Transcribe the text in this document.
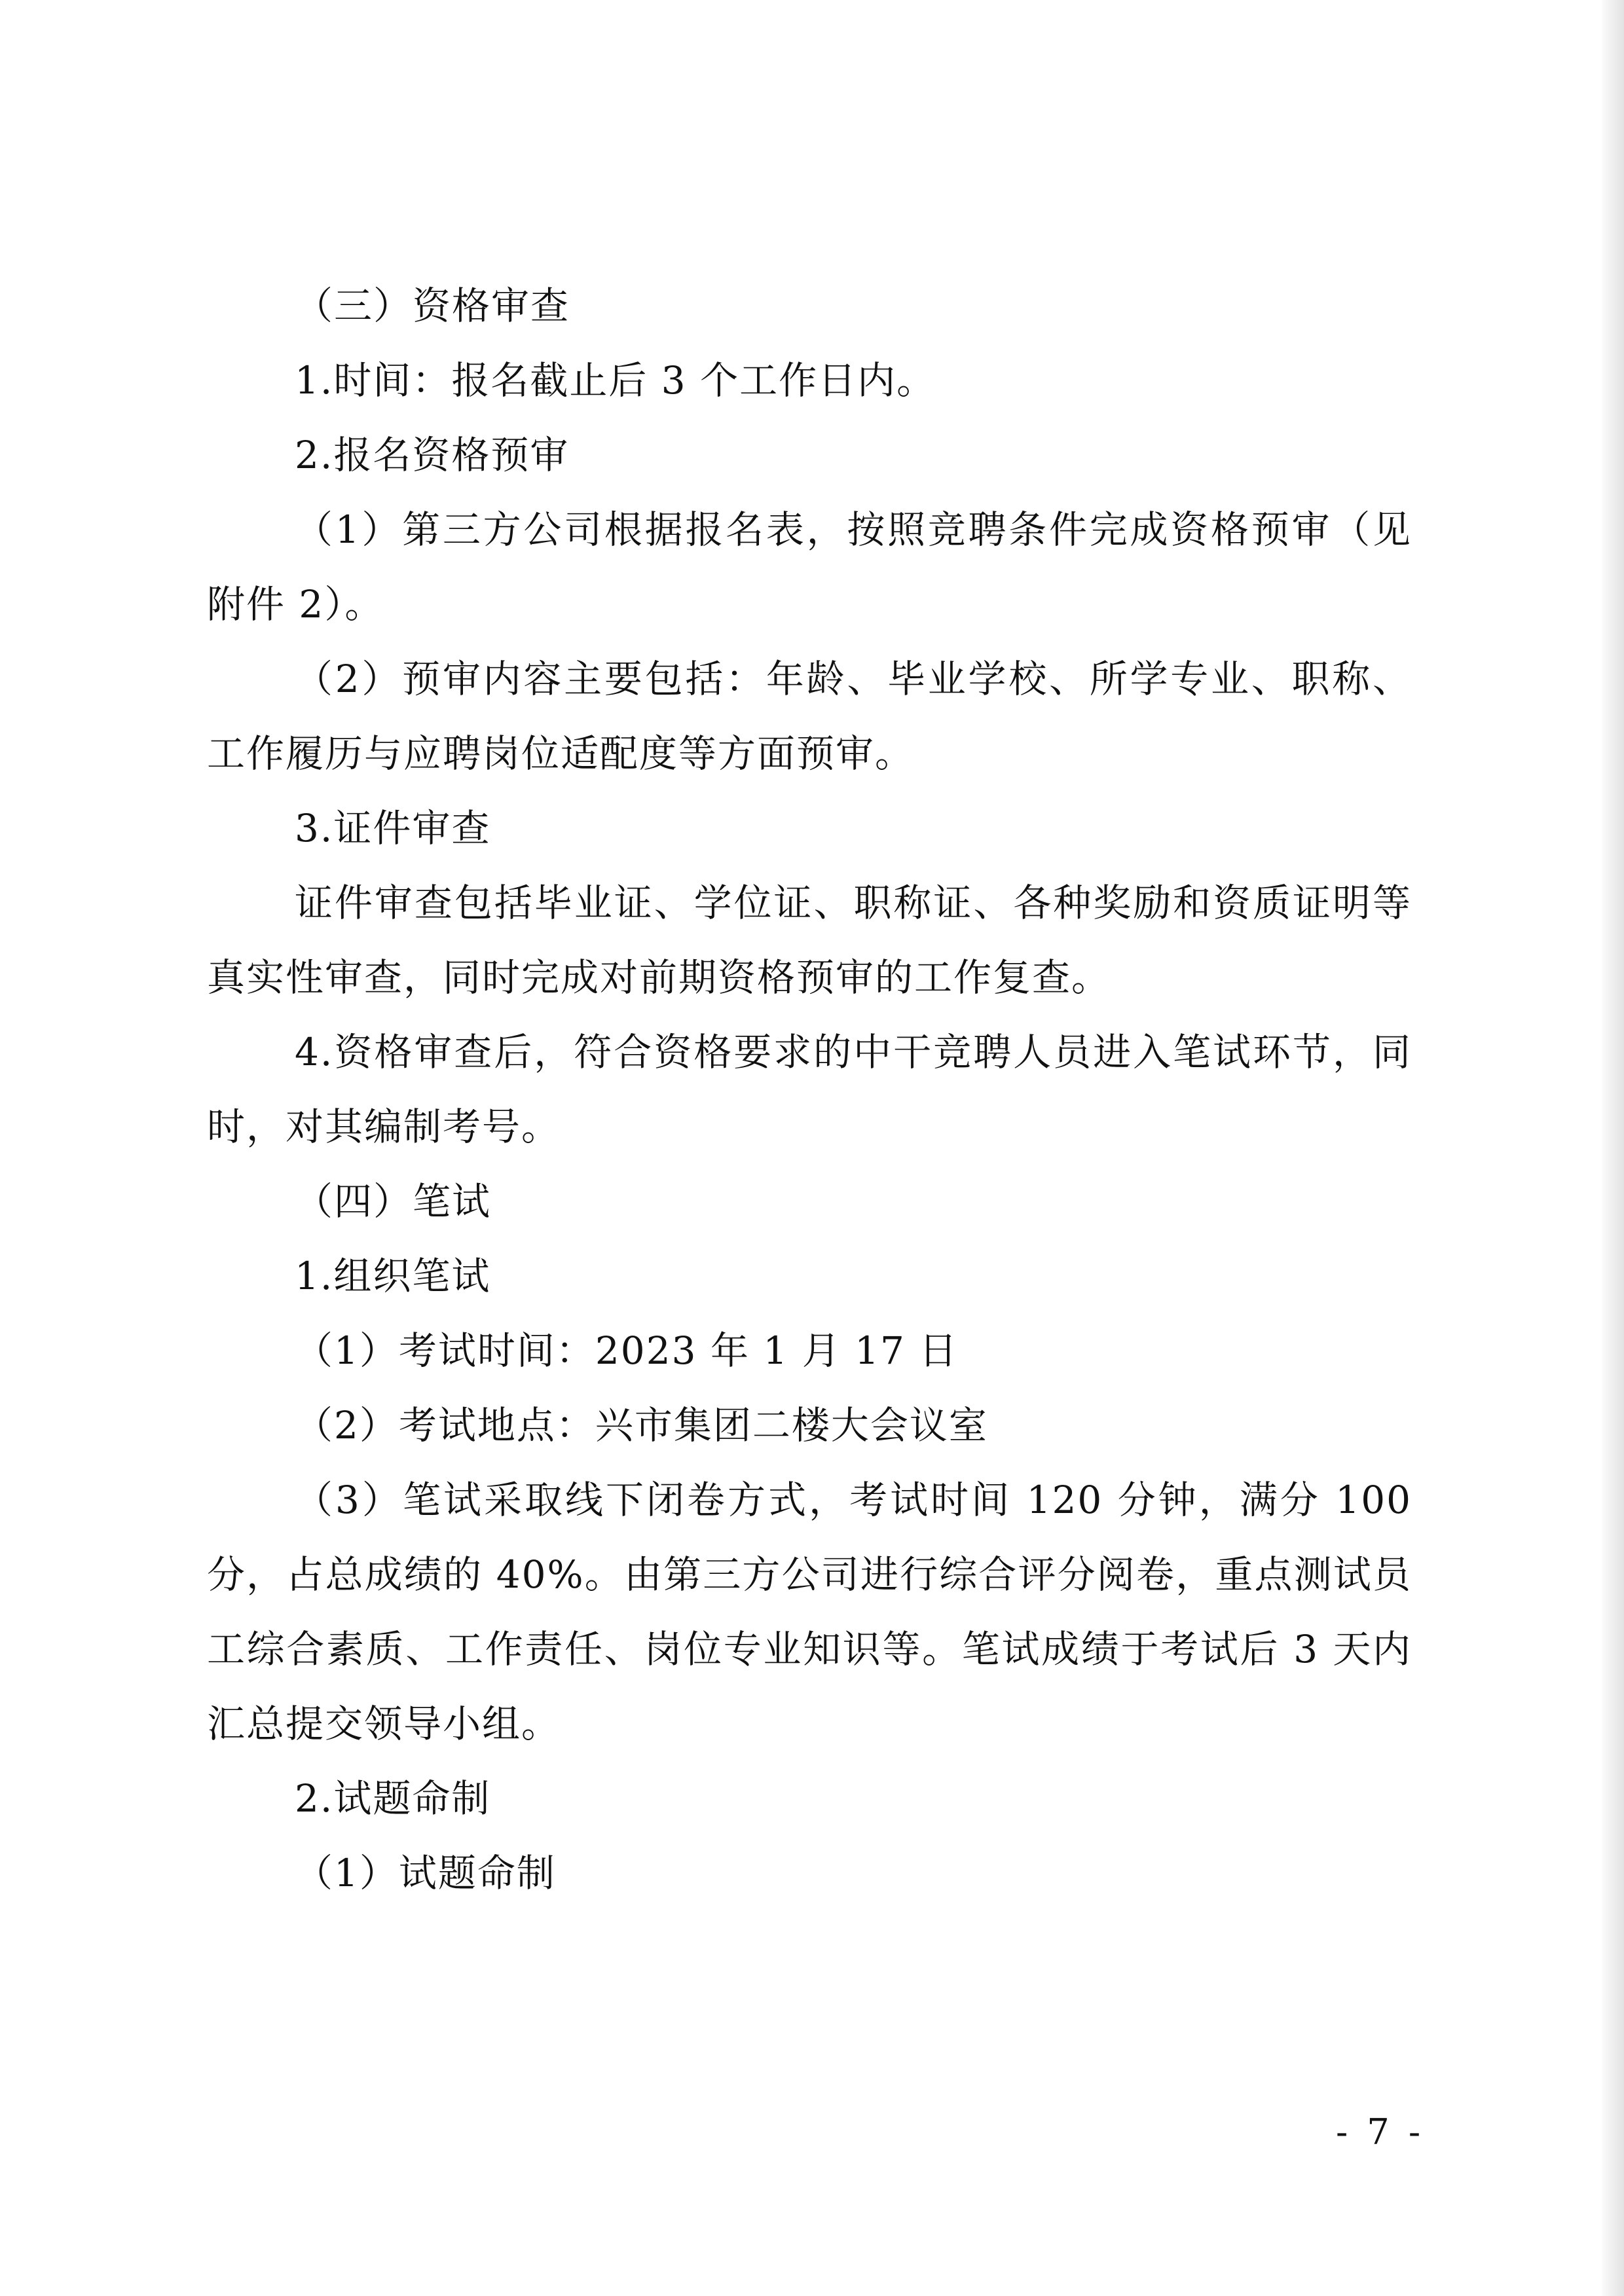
（三）资格审查

1.时间：报名截止后 3 个工作日内。

2.报名资格预审

（1）第三方公司根据报名表，按照竞聘条件完成资格预审（见附件 2）。

（2）预审内容主要包括：年龄、毕业学校、所学专业、职称、工作履历与应聘岗位适配度等方面预审。

3.证件审查

证件审查包括毕业证、学位证、职称证、各种奖励和资质证明等真实性审查，同时完成对前期资格预审的工作复查。

4.资格审查后，符合资格要求的中干竞聘人员进入笔试环节，同时，对其编制考号。

（四）笔试

1.组织笔试

（1）考试时间：2023 年 1 月 17 日

（2）考试地点：兴市集团二楼大会议室

（3）笔试采取线下闭卷方式，考试时间 120 分钟，满分 100 分，占总成绩的 40%。由第三方公司进行综合评分阅卷，重点测试员工综合素质、工作责任、岗位专业知识等。笔试成绩于考试后 3 天内汇总提交领导小组。

2.试题命制

（1）试题命制

- 7 -
